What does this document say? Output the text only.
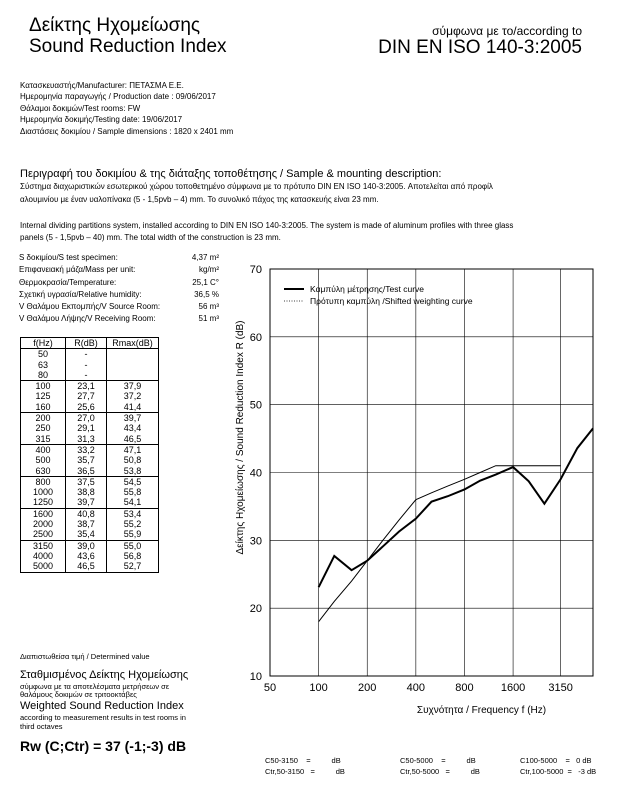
Δείκτης Ηχομείωσης
Sound Reduction Index
σύμφωνα με το/according to
DIN EN ISO 140-3:2005
Κατασκευαστής/Manufacturer: ΠΕΤΑΣΜΑ Ε.Ε.
Ημερομηνία παραγωγής / Production date : 09/06/2017
Θάλαμοι δοκιμών/Test rooms: FW
Ημερομηνία δοκιμής/Testing date: 19/06/2017
Διαστάσεις δοκιμίου / Sample dimensions : 1820 x 2401 mm
Περιγραφή του δοκιμίου & της διάταξης τοποθέτησης / Sample & mounting description:
Σύστημα διαχωριστικών εσωτερικού χώρου τοποθετημένο σύμφωνα με το πρότυπο DIN EN ISO 140-3:2005. Αποτελείται από προφίλ
αλουμινίου με έναν υαλοπίνακα (5 - 1,5pvb – 4) mm. Το συνολικό πάχος της κατασκευής είναι 23 mm.
Internal dividing partitions system, installed according to DIN EN ISO 140-3:2005. The system is made of aluminum profiles with three glass
panels (5 - 1,5pvb – 40) mm. The total width of the construction is 23 mm.
S δοκιμίου/S test specimen:	4,37 m²
Επιφανειακή μάζα/Mass per unit:	kg/m²
Θερμοκρασία/Temperature:	25,1 C°
Σχετική υγρασία/Relative humidity:	36,5 %
V Θαλάμου Εκπομπής/V Source Room:	56 m³
V Θαλάμου Λήψης/V Receiving Room:	51 m³
f(Hz)	R(dB)	Rmax(dB)
50	-	
63	-	
80	-	
100	23,1	37,9
125	27,7	37,2
160	25,6	41,4
200	27,0	39,7
250	29,1	43,4
315	31,3	46,5
400	33,2	47,1
500	35,7	50,8
630	36,5	53,8
800	37,5	54,5
1000	38,8	55,8
1250	39,7	54,1
1600	40,8	53,4
2000	38,7	55,2
2500	35,4	55,9
3150	39,0	55,0
4000	43,6	56,8
5000	46,5	52,7
Διαπιστωθείσα τιμή / Determined value
Σταθμισμένος Δείκτης Ηχομείωσης
σύμφωνα με τα αποτελέσματα μετρήσεων σε
θαλάμους δοκιμών σε τριτοοκτάβες
Weighted Sound Reduction Index
according to measurement results in test rooms in
third octaves
Rw (C;Ctr) = 37 (-1;-3) dB
10
20
30
40
50
60
70
50	100	200	400	800 1600 3150
Συχνότητα / Frequency f (Hz)
Δείκτης Ηχομείωσης / Sound Reduction Index R (dB)
Καμπύλη μέτρησης/Test curve
Πρότυπη καμπύλη /Shifted weighting curve
C50-3150 =	dB
Ctr,50-3150 =	dB
C50-5000 =	dB
Ctr,50-5000 =	dB
C100-5000 = 0 dB
Ctr,100-5000 = -3 dB
